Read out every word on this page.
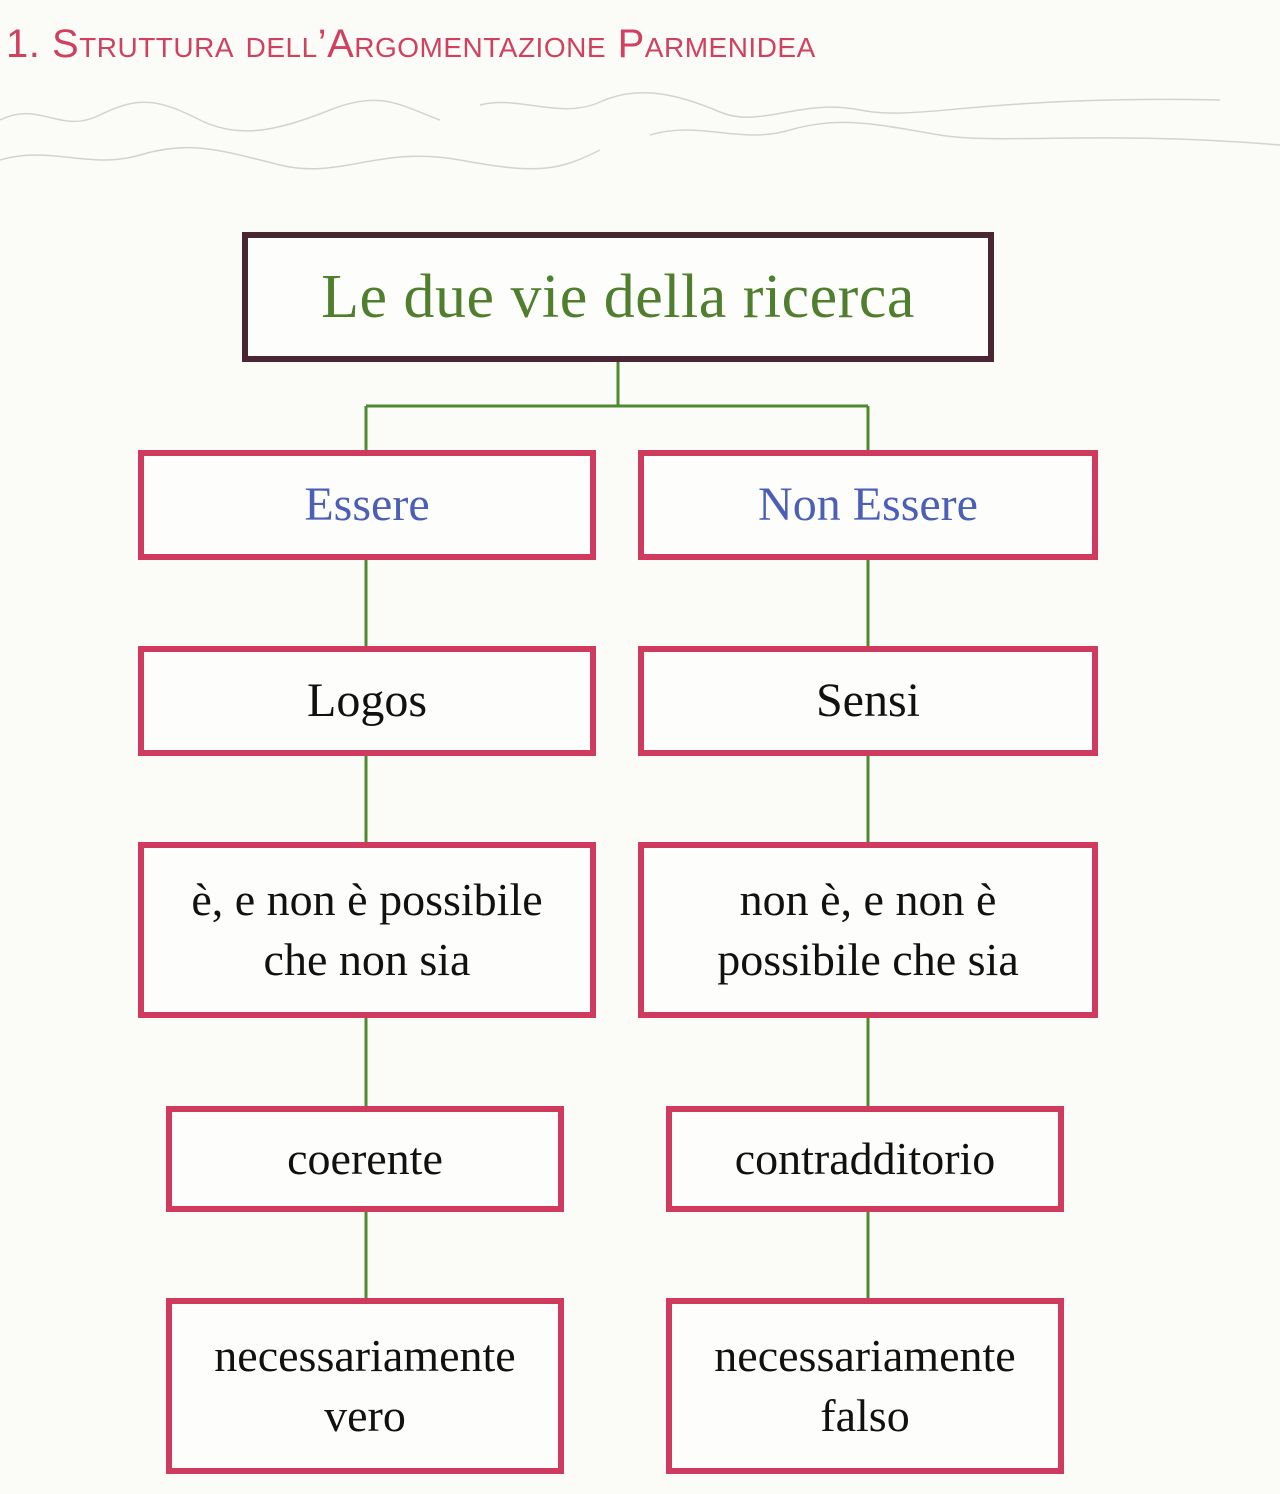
1. Struttura dell’Argomentazione Parmenidea
Le due vie della ricerca
Essere	Non Essere
Logos	Sensi
è, e non è possibile
che non sia
non è, e non è
possibile che sia
coerente	contradditorio
necessariamente
vero
necessariamente
falso
